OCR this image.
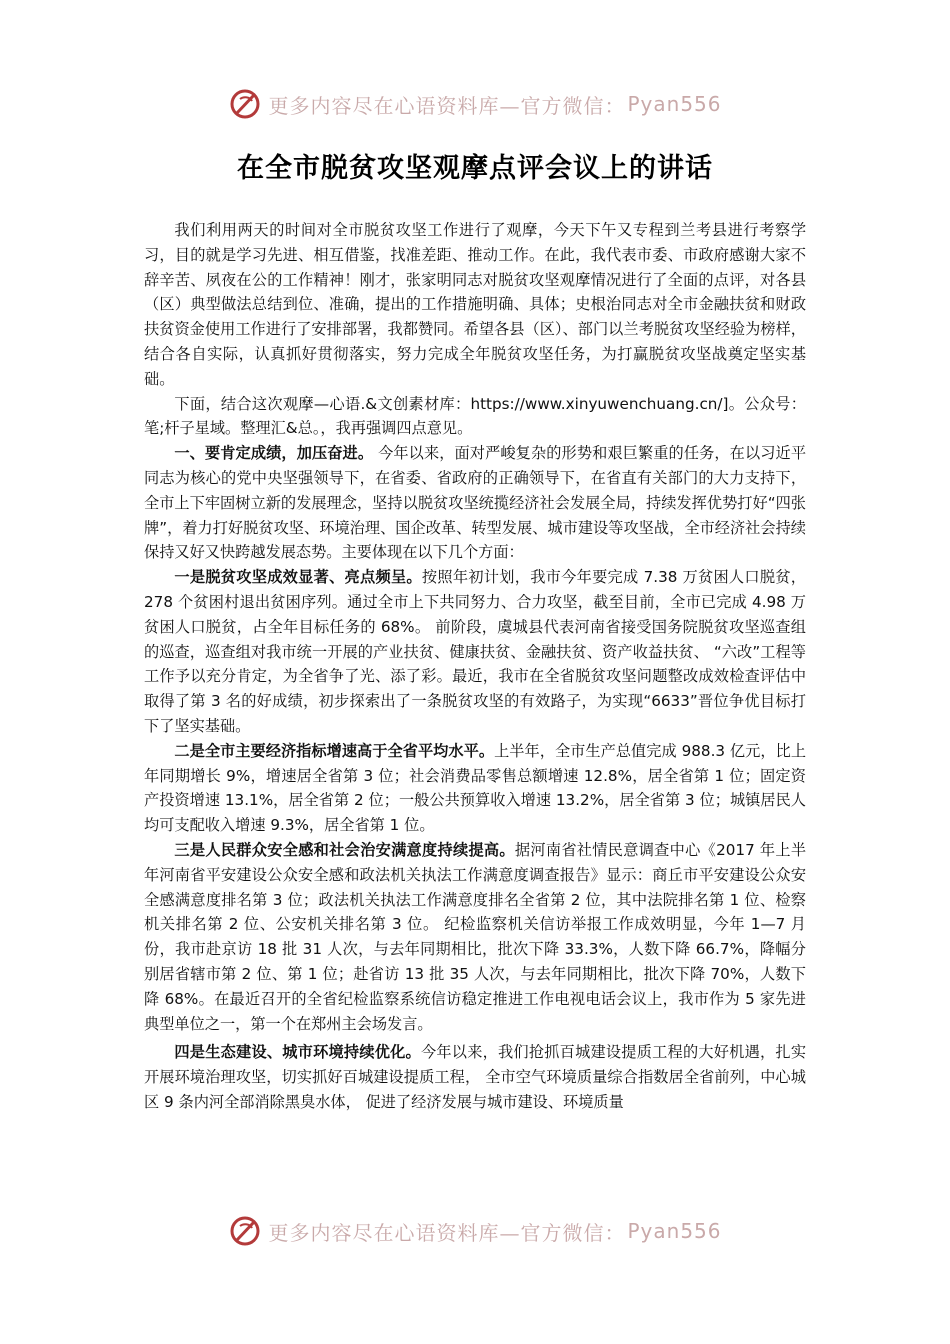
更多内容尽在心语资料库—官方微信： Pyan556
在全市脱贫攻坚观摩点评会议上的讲话

我们利用两天的时间对全市脱贫攻坚工作进行了观摩，今天下午又专程到兰考县进行考察学习，目的就是学习先进、相互借鉴，找准差距、推动工作。在此，我代表市委、市政府感谢大家不辞辛苦、夙夜在公的工作精神！刚才，张家明同志对脱贫攻坚观摩情况进行了全面的点评，对各县（区）典型做法总结到位、准确，提出的工作措施明确、具体；史根治同志对全市金融扶贫和财政扶贫资金使用工作进行了安排部署，我都赞同。希望各县（区）、部门以兰考脱贫攻坚经验为榜样，结合各自实际，认真抓好贯彻落实，努力完成全年脱贫攻坚任务，为打赢脱贫攻坚战奠定坚实基础。

下面，结合这次观摩—心语.&文创素材库：https://www.xinyuwenchuang.cn/]。公众号：笔;杆子星域。整理汇&总。，我再强调四点意见。

一、要肯定成绩，加压奋进。 今年以来，面对严峻复杂的形势和艰巨繁重的任务，在以习近平同志为核心的党中央坚强领导下，在省委、省政府的正确领导下，在省直有关部门的大力支持下，全市上下牢固树立新的发展理念，坚持以脱贫攻坚统揽经济社会发展全局，持续发挥优势打好“四张牌”，着力打好脱贫攻坚、环境治理、国企改革、转型发展、城市建设等攻坚战，全市经济社会持续保持又好又快跨越发展态势。主要体现在以下几个方面：

一是脱贫攻坚成效显著、亮点频呈。按照年初计划，我市今年要完成 7.38 万贫困人口脱贫，278 个贫困村退出贫困序列。通过全市上下共同努力、合力攻坚，截至目前，全市已完成 4.98 万贫困人口脱贫，占全年目标任务的 68%。 前阶段，虞城县代表河南省接受国务院脱贫攻坚巡查组的巡查，巡查组对我市统一开展的产业扶贫、健康扶贫、金融扶贫、资产收益扶贫、 “六改”工程等工作予以充分肯定，为全省争了光、添了彩。最近，我市在全省脱贫攻坚问题整改成效检查评估中取得了第 3 名的好成绩，初步探索出了一条脱贫攻坚的有效路子，为实现“6633”晋位争优目标打下了坚实基础。

二是全市主要经济指标增速高于全省平均水平。上半年，全市生产总值完成 988.3 亿元，比上年同期增长 9%，增速居全省第 3 位；社会消费品零售总额增速 12.8%，居全省第 1 位；固定资产投资增速 13.1%，居全省第 2 位；一般公共预算收入增速 13.2%，居全省第 3 位；城镇居民人均可支配收入增速 9.3%，居全省第 1 位。

三是人民群众安全感和社会治安满意度持续提高。据河南省社情民意调查中心《2017 年上半年河南省平安建设公众安全感和政法机关执法工作满意度调查报告》显示：商丘市平安建设公众安全感满意度排名第 3 位；政法机关执法工作满意度排名全省第 2 位，其中法院排名第 1 位、检察机关排名第 2 位、公安机关排名第 3 位。 纪检监察机关信访举报工作成效明显，今年 1—7 月份，我市赴京访 18 批 31 人次，与去年同期相比，批次下降 33.3%，人数下降 66.7%，降幅分别居省辖市第 2 位、第 1 位；赴省访 13 批 35 人次，与去年同期相比，批次下降 70%，人数下降 68%。在最近召开的全省纪检监察系统信访稳定推进工作电视电话会议上，我市作为 5 家先进典型单位之一，第一个在郑州主会场发言。

四是生态建设、城市环境持续优化。今年以来，我们抢抓百城建设提质工程的大好机遇，扎实开展环境治理攻坚，切实抓好百城建设提质工程， 全市空气环境质量综合指数居全省前列，中心城区 9 条内河全部消除黑臭水体， 促进了经济发展与城市建设、环境质量

更多内容尽在心语资料库—官方微信： Pyan556
